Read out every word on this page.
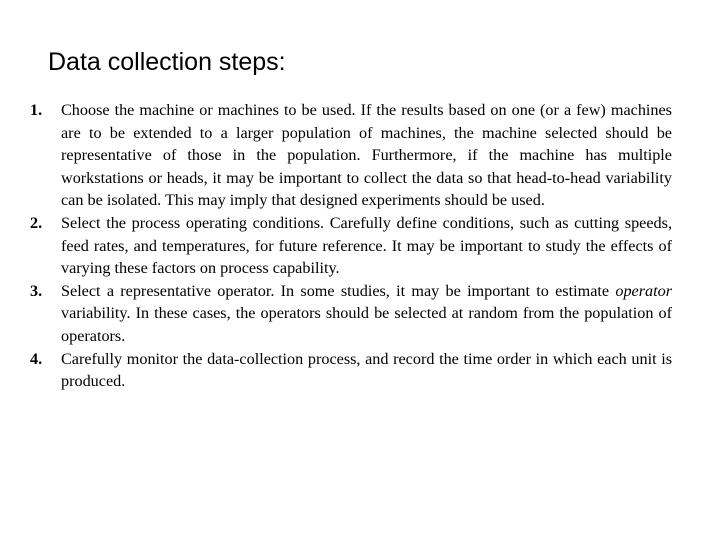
Data collection steps:
1.	Choose the machine or machines to be used. If the results based on one (or a few) machines are to be extended to a larger population of machines, the machine selected should be representative of those in the population. Furthermore, if the machine has multiple workstations or heads, it may be important to collect the data so that head-to-head variability can be isolated. This may imply that designed experiments should be used.
2.	Select the process operating conditions. Carefully define conditions, such as cutting speeds, feed rates, and temperatures, for future reference. It may be important to study the effects of varying these factors on process capability.
3.	Select a representative operator. In some studies, it may be important to estimate operator variability. In these cases, the operators should be selected at random from the population of operators.
4.	Carefully monitor the data-collection process, and record the time order in which each unit is produced.
